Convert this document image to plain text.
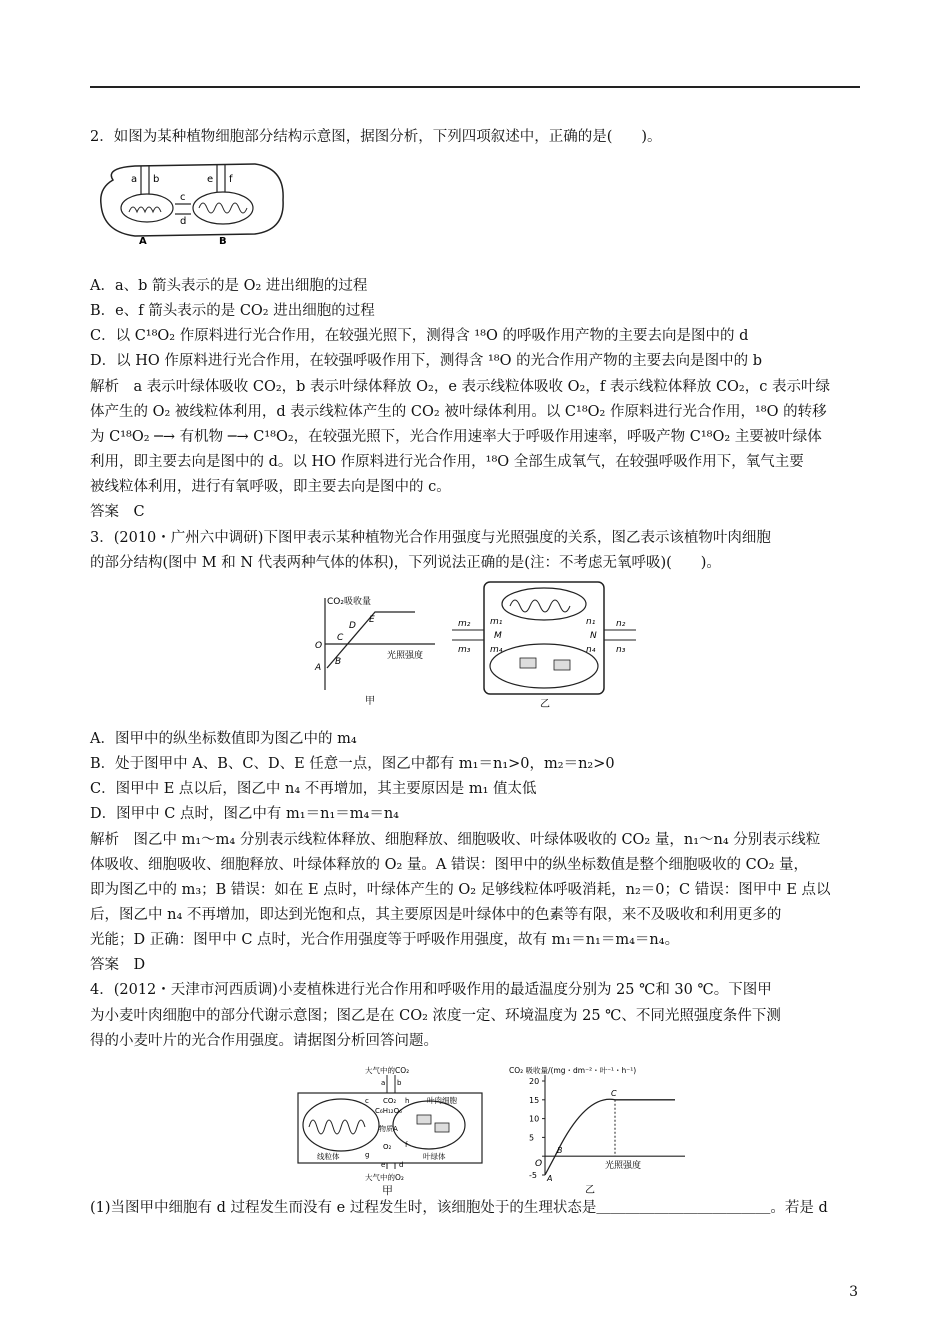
2．如图为某种植物细胞部分结构示意图，据图分析，下列四项叙述中，正确的是(　　)。
a b
c
d
e f
A	B
A．a、b 箭头表示的是 O₂ 进出细胞的过程
B．e、f 箭头表示的是 CO₂ 进出细胞的过程
C．以 C¹⁸O₂ 作原料进行光合作用，在较强光照下，测得含 ¹⁸O 的呼吸作用产物的主要去向是图中的 d
D．以 HO 作原料进行光合作用，在较强呼吸作用下，测得含 ¹⁸O 的光合作用产物的主要去向是图中的 b
解析　a 表示叶绿体吸收 CO₂，b 表示叶绿体释放 O₂，e 表示线粒体吸收 O₂，f 表示线粒体释放 CO₂，c 表示叶绿
体产生的 O₂ 被线粒体利用，d 表示线粒体产生的 CO₂ 被叶绿体利用。以 C¹⁸O₂ 作原料进行光合作用，¹⁸O 的转移
为 C¹⁸O₂ ─→ 有机物 ─→ C¹⁸O₂，在较强光照下，光合作用速率大于呼吸作用速率，呼吸产物 C¹⁸O₂ 主要被叶绿体
利用，即主要去向是图中的 d。以 HO 作原料进行光合作用，¹⁸O 全部生成氧气，在较强呼吸作用下，氧气主要
被线粒体利用，进行有氧呼吸，即主要去向是图中的 c。
答案　C
3．(2010・广州六中调研)下图甲表示某种植物光合作用强度与光照强度的关系，图乙表示该植物叶肉细胞
的部分结构(图中 M 和 N 代表两种气体的体积)，下列说法正确的是(注：不考虑无氧呼吸)(　　)。
CO₂吸收量
光照强度
O
A
B
C
D
E
甲
m₂
m₃
m₁
M
m₄
n₁
N
n₄
n₂
n₃
乙
A．图甲中的纵坐标数值即为图乙中的 m₄
B．处于图甲中 A、B、C、D、E 任意一点，图乙中都有 m₁＝n₁>0，m₂＝n₂>0
C．图甲中 E 点以后，图乙中 n₄ 不再增加，其主要原因是 m₁ 值太低
D．图甲中 C 点时，图乙中有 m₁＝n₁＝m₄＝n₄
解析　图乙中 m₁～m₄ 分别表示线粒体释放、细胞释放、细胞吸收、叶绿体吸收的 CO₂ 量，n₁～n₄ 分别表示线粒
体吸收、细胞吸收、细胞释放、叶绿体释放的 O₂ 量。A 错误：图甲中的纵坐标数值是整个细胞吸收的 CO₂ 量，
即为图乙中的 m₃；B 错误：如在 E 点时，叶绿体产生的 O₂ 足够线粒体呼吸消耗，n₂＝0；C 错误：图甲中 E 点以
后，图乙中 n₄ 不再增加，即达到光饱和点，其主要原因是叶绿体中的色素等有限，来不及吸收和利用更多的
光能；D 正确：图甲中 C 点时，光合作用强度等于呼吸作用强度，故有 m₁＝n₁＝m₄＝n₄。
答案　D
4．(2012・天津市河西质调)小麦植株进行光合作用和呼吸作用的最适温度分别为 25 ℃和 30 ℃。下图甲
为小麦叶肉细胞中的部分代谢示意图；图乙是在 CO₂ 浓度一定、环境温度为 25 ℃、不同光照强度条件下测
得的小麦叶片的光合作用强度。请据图分析回答问题。
大气中的CO₂
大气中的O₂
叶肉细胞
线粒体	叶绿体
CO₂
C₆H₁₂O₆
物质A
O₂
a b
c
d
e
f
g
h
甲
CO₂ 吸收量/(mg・dm⁻²・叶⁻¹・h⁻¹)
光照强度
-5
5
10
15
20
O
A
B
C
乙
(1)当图甲中细胞有 d 过程发生而没有 e 过程发生时，该细胞处于的生理状态是＿＿＿＿＿＿＿＿＿＿＿＿。若是 d
3
